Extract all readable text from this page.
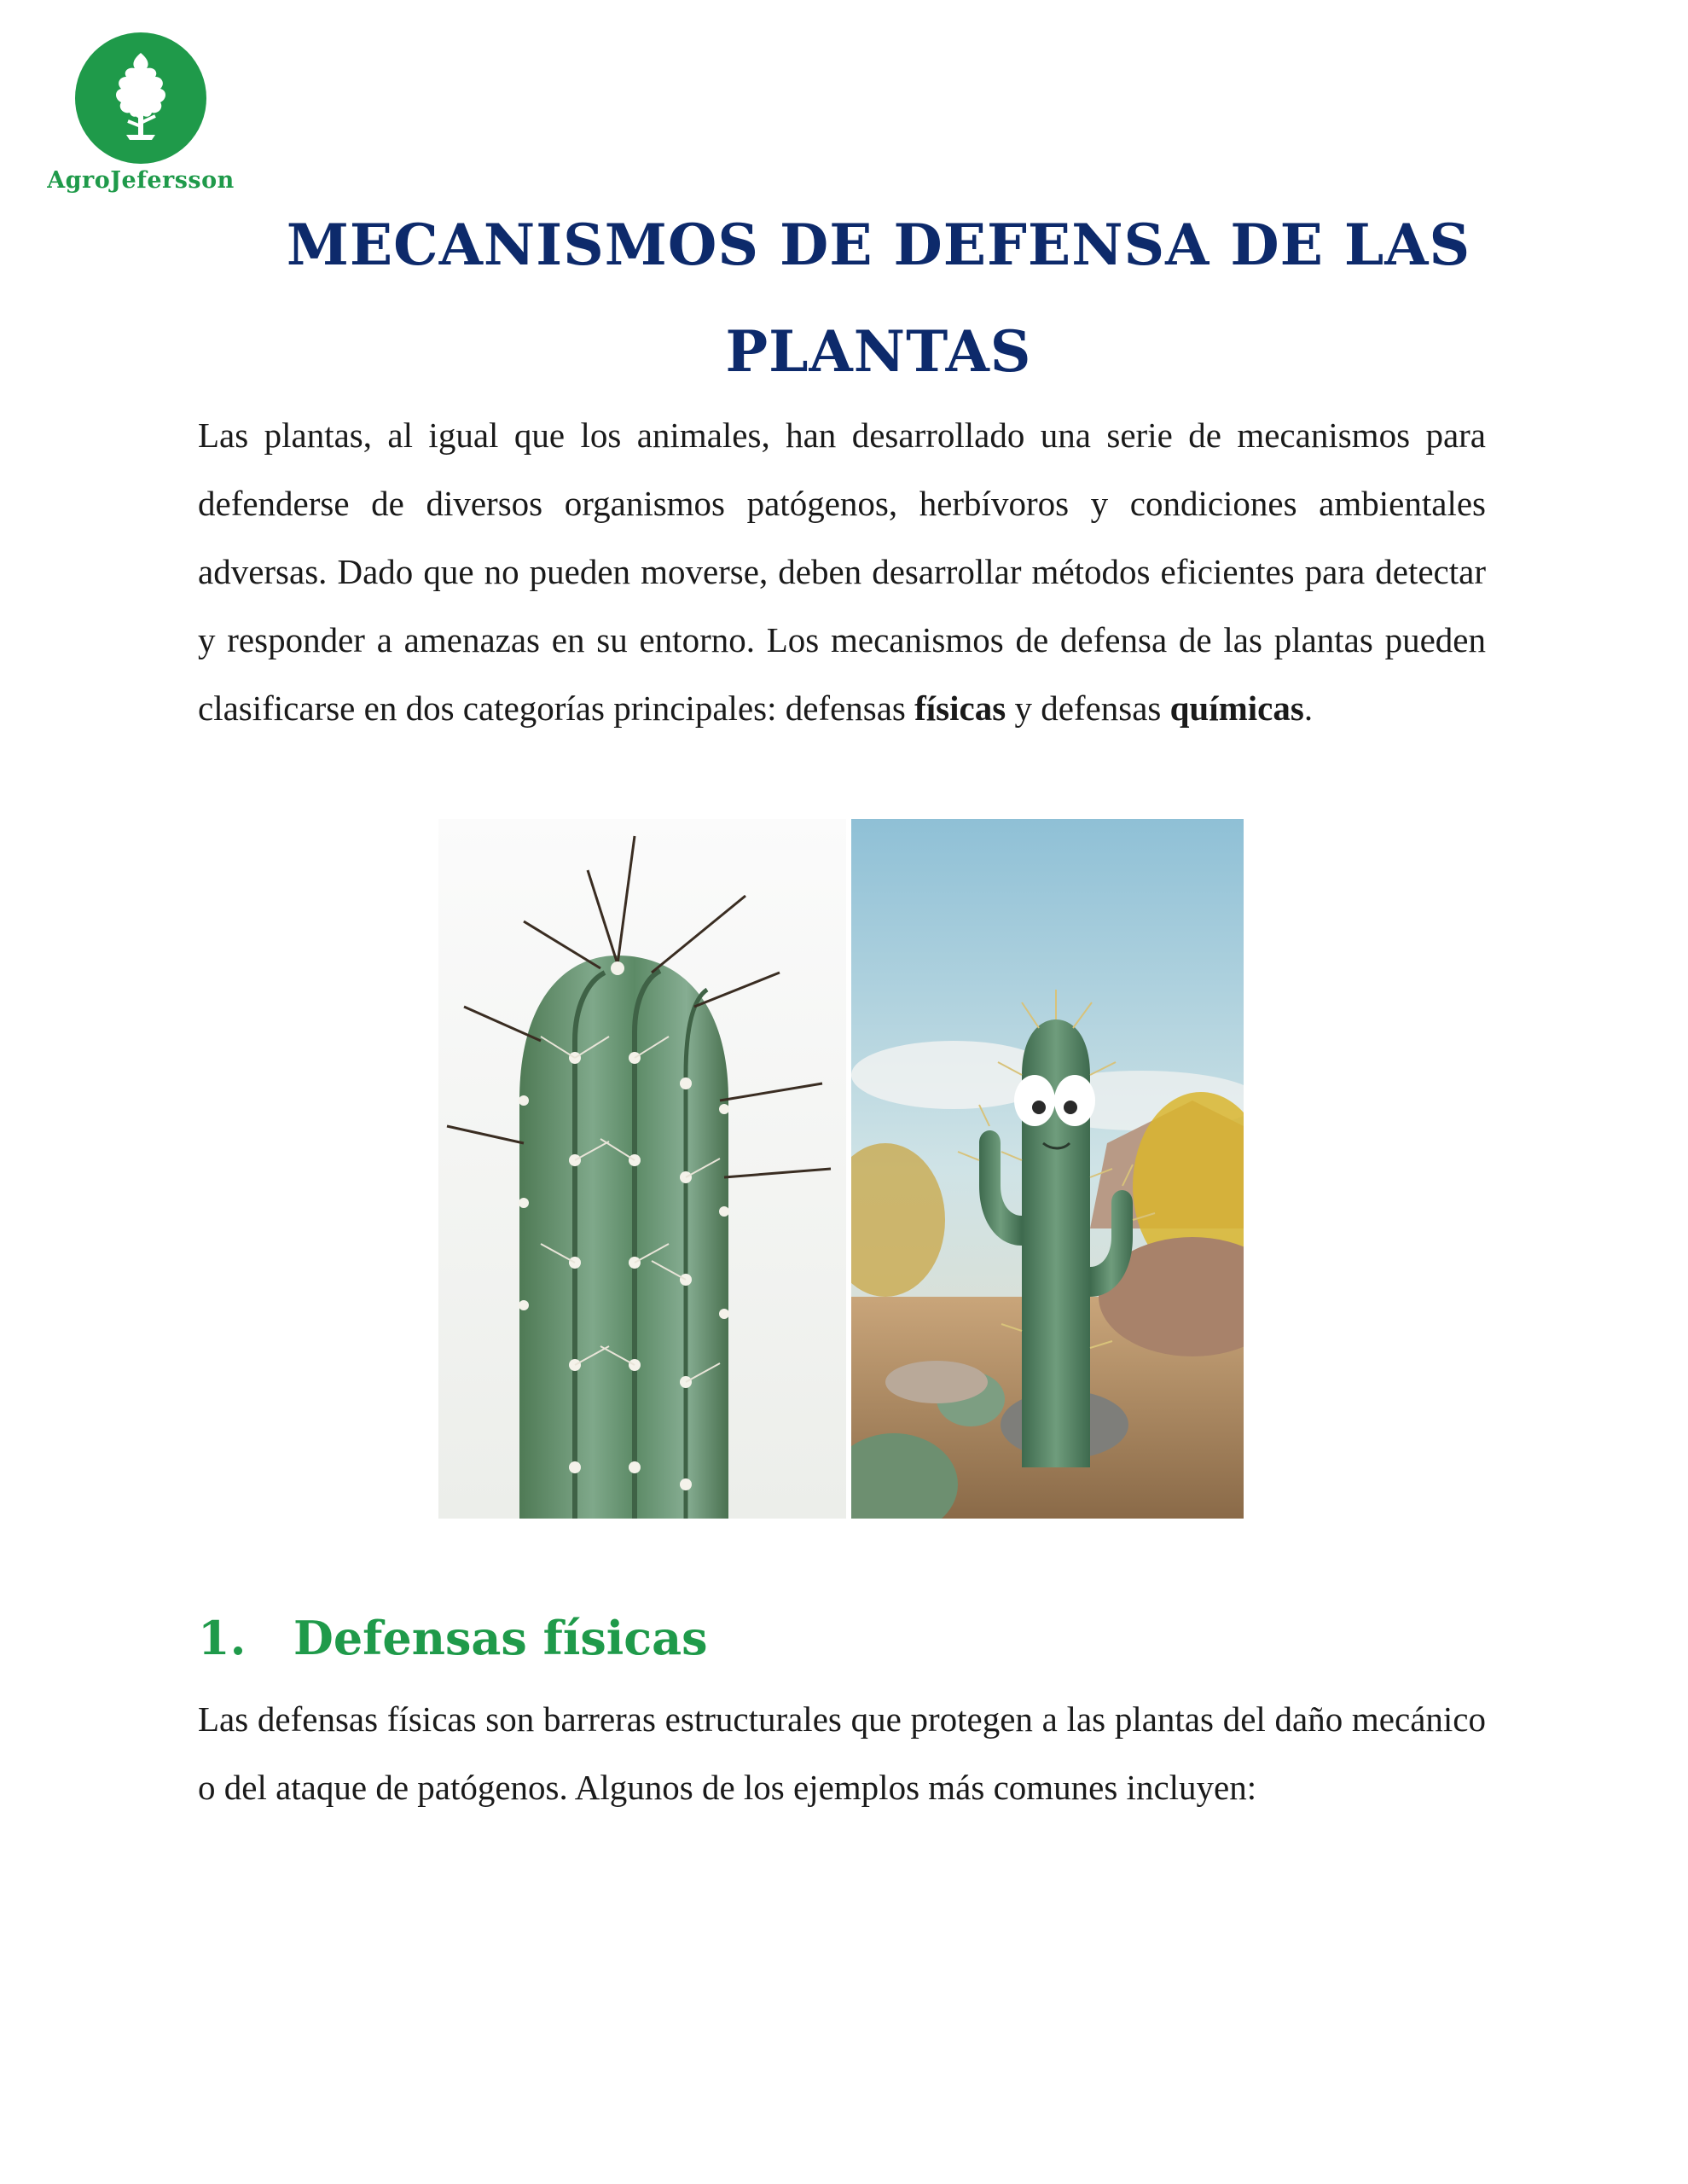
AgroJefersson
MECANISMOS DE DEFENSA DE LAS PLANTAS

Las plantas, al igual que los animales, han desarrollado una serie de mecanismos para defenderse de diversos organismos patógenos, herbívoros y condiciones ambientales adversas. Dado que no pueden moverse, deben desarrollar métodos eficientes para detectar y responder a amenazas en su entorno. Los mecanismos de defensa de las plantas pueden clasificarse en dos categorías principales: defensas físicas y defensas químicas.

1. Defensas físicas

Las defensas físicas son barreras estructurales que protegen a las plantas del daño mecánico o del ataque de patógenos. Algunos de los ejemplos más comunes incluyen:
